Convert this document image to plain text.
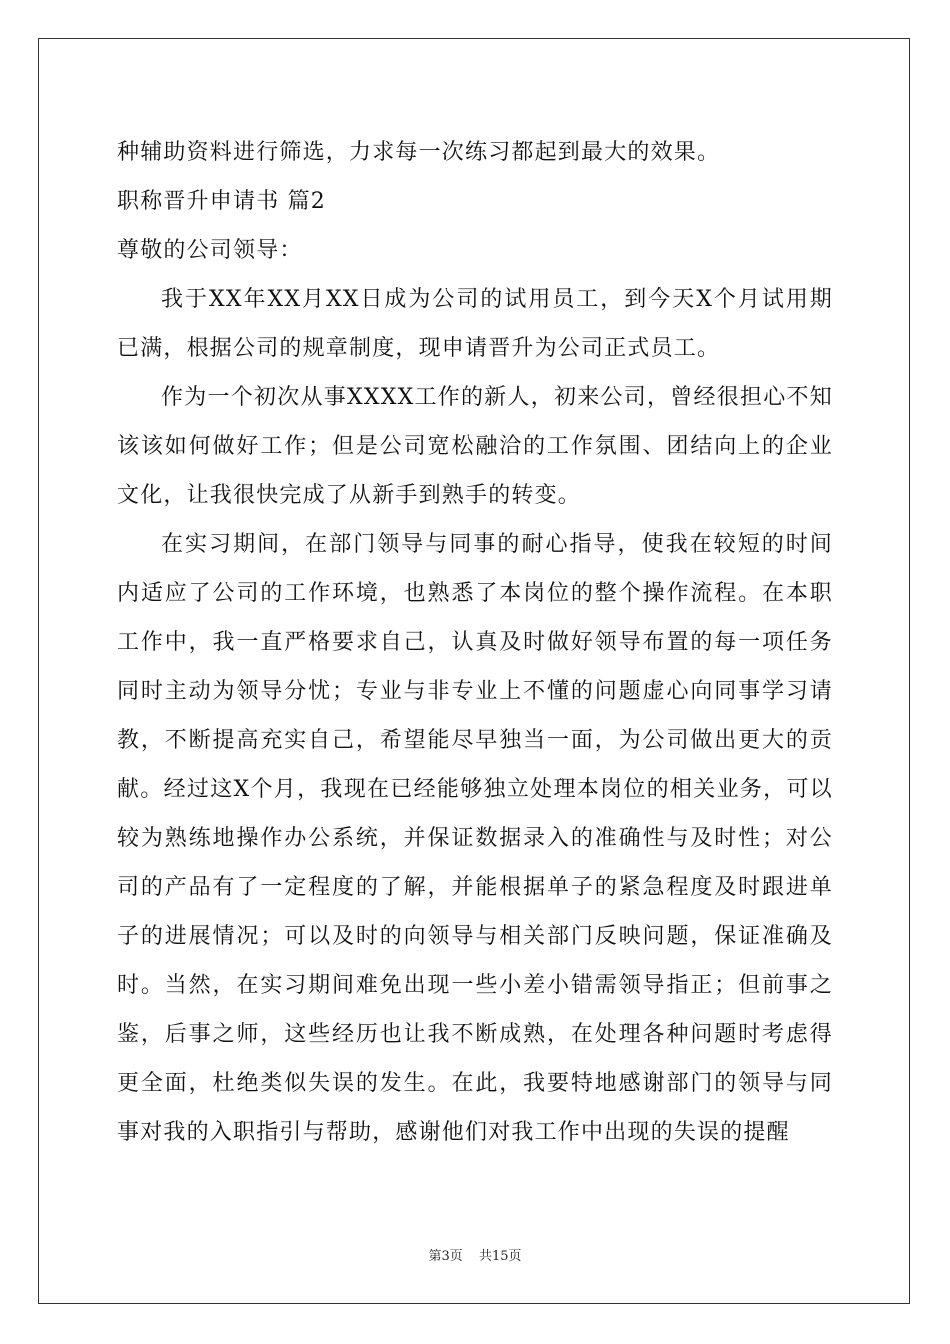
种辅助资料进行筛选，力求每一次练习都起到最大的效果。
职称晋升申请书 篇2
尊敬的公司领导：
我于XX年XX月XX日成为公司的试用员工，到今天X个月试用期已满，根据公司的规章制度，现申请晋升为公司正式员工。
作为一个初次从事XXXX工作的新人，初来公司，曾经很担心不知该该如何做好工作；但是公司宽松融洽的工作氛围、团结向上的企业文化，让我很快完成了从新手到熟手的转变。
在实习期间，在部门领导与同事的耐心指导，使我在较短的时间内适应了公司的工作环境，也熟悉了本岗位的整个操作流程。在本职工作中，我一直严格要求自己，认真及时做好领导布置的每一项任务同时主动为领导分忧；专业与非专业上不懂的问题虚心向同事学习请教，不断提高充实自己，希望能尽早独当一面，为公司做出更大的贡献。经过这X个月，我现在已经能够独立处理本岗位的相关业务，可以较为熟练地操作办公系统，并保证数据录入的准确性与及时性；对公司的产品有了一定程度的了解，并能根据单子的紧急程度及时跟进单子的进展情况；可以及时的向领导与相关部门反映问题，保证准确及时。当然，在实习期间难免出现一些小差小错需领导指正；但前事之鉴，后事之师，这些经历也让我不断成熟，在处理各种问题时考虑得更全面，杜绝类似失误的发生。在此，我要特地感谢部门的领导与同事对我的入职指引与帮助，感谢他们对我工作中出现的失误的提醒
第3页 共15页
